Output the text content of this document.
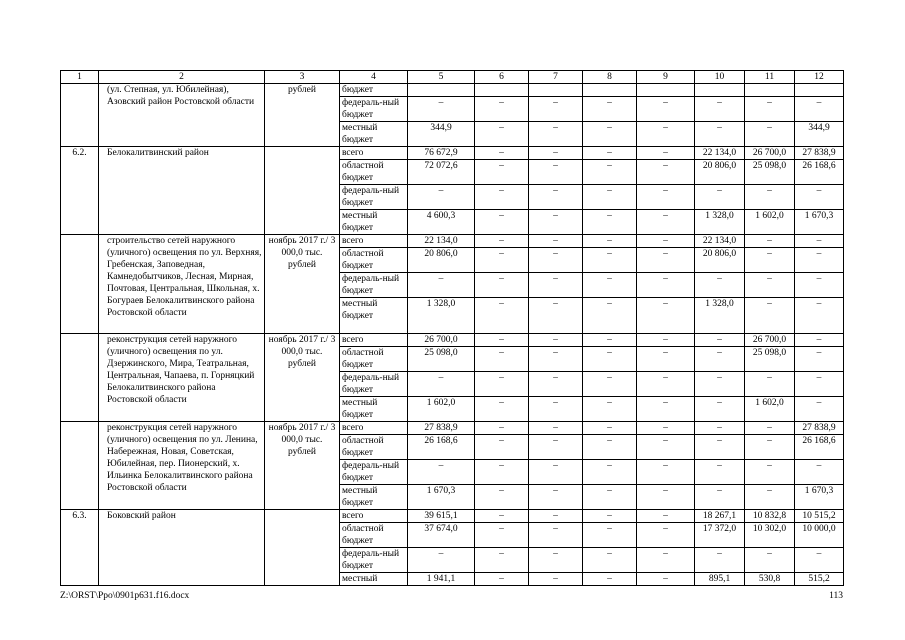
1	2	3	4	5	6	7	8	9	10	11	12
	(ул. Степная, ул. Юбилейная), Азовский район Ростовской области	рублей	бюджет								
			федераль-ный бюджет	–	–	–	–	–	–	–	–
			местный бюджет	344,9	–	–	–	–	–	–	344,9
6.2.	Белокалитвинский район		всего	76 672,9	–	–	–	–	22 134,0	26 700,0	27 838,9
			областной бюджет	72 072,6	–	–	–	–	20 806,0	25 098,0	26 168,6
			федераль-ный бюджет	–	–	–	–	–	–	–	–
			местный бюджет	4 600,3	–	–	–	–	1 328,0	1 602,0	1 670,3
	строительство сетей наружного (уличного) освещения по ул. Верхняя, Гребенская, Заповедная, Камнедобытчиков, Лесная, Мирная, Почтовая, Центральная, Школьная, х. Богураев Белокалитвинского района Ростовской области	ноябрь 2017 г./ 3 000,0 тыс. рублей	всего	22 134,0	–	–	–	–	22 134,0	–	–
			областной бюджет	20 806,0	–	–	–	–	20 806,0	–	–
			федераль-ный бюджет	–	–	–	–	–	–	–	–
			местный бюджет	1 328,0	–	–	–	–	1 328,0	–	–
	реконструкция сетей наружного (уличного) освещения по ул. Дзержинского, Мира, Театральная, Центральная, Чапаева, п. Горняцкий Белокалитвинского района Ростовской области	ноябрь 2017 г./ 3 000,0 тыс. рублей	всего	26 700,0	–	–	–	–	–	26 700,0	–
			областной бюджет	25 098,0	–	–	–	–	–	25 098,0	–
			федераль-ный бюджет	–	–	–	–	–	–	–	–
			местный бюджет	1 602,0	–	–	–	–	–	1 602,0	–
	реконструкция сетей наружного (уличного) освещения по ул. Ленина, Набережная, Новая, Советская, Юбилейная, пер. Пионерский, х. Ильинка Белокалитвинского района Ростовской области	ноябрь 2017 г./ 3 000,0 тыс. рублей	всего	27 838,9	–	–	–	–	–	–	27 838,9
			областной бюджет	26 168,6	–	–	–	–	–	–	26 168,6
			федераль-ный бюджет	–	–	–	–	–	–	–	–
			местный бюджет	1 670,3	–	–	–	–	–	–	1 670,3
6.3.	Боковский район		всего	39 615,1	–	–	–	–	18 267,1	10 832,8	10 515,2
			областной бюджет	37 674,0	–	–	–	–	17 372,0	10 302,0	10 000,0
			федераль-ный бюджет	–	–	–	–	–	–	–	–
			местный	1 941,1	–	–	–	–	895,1	530,8	515,2
Z:\ORST\Ppo\0901p631.f16.docx	113
